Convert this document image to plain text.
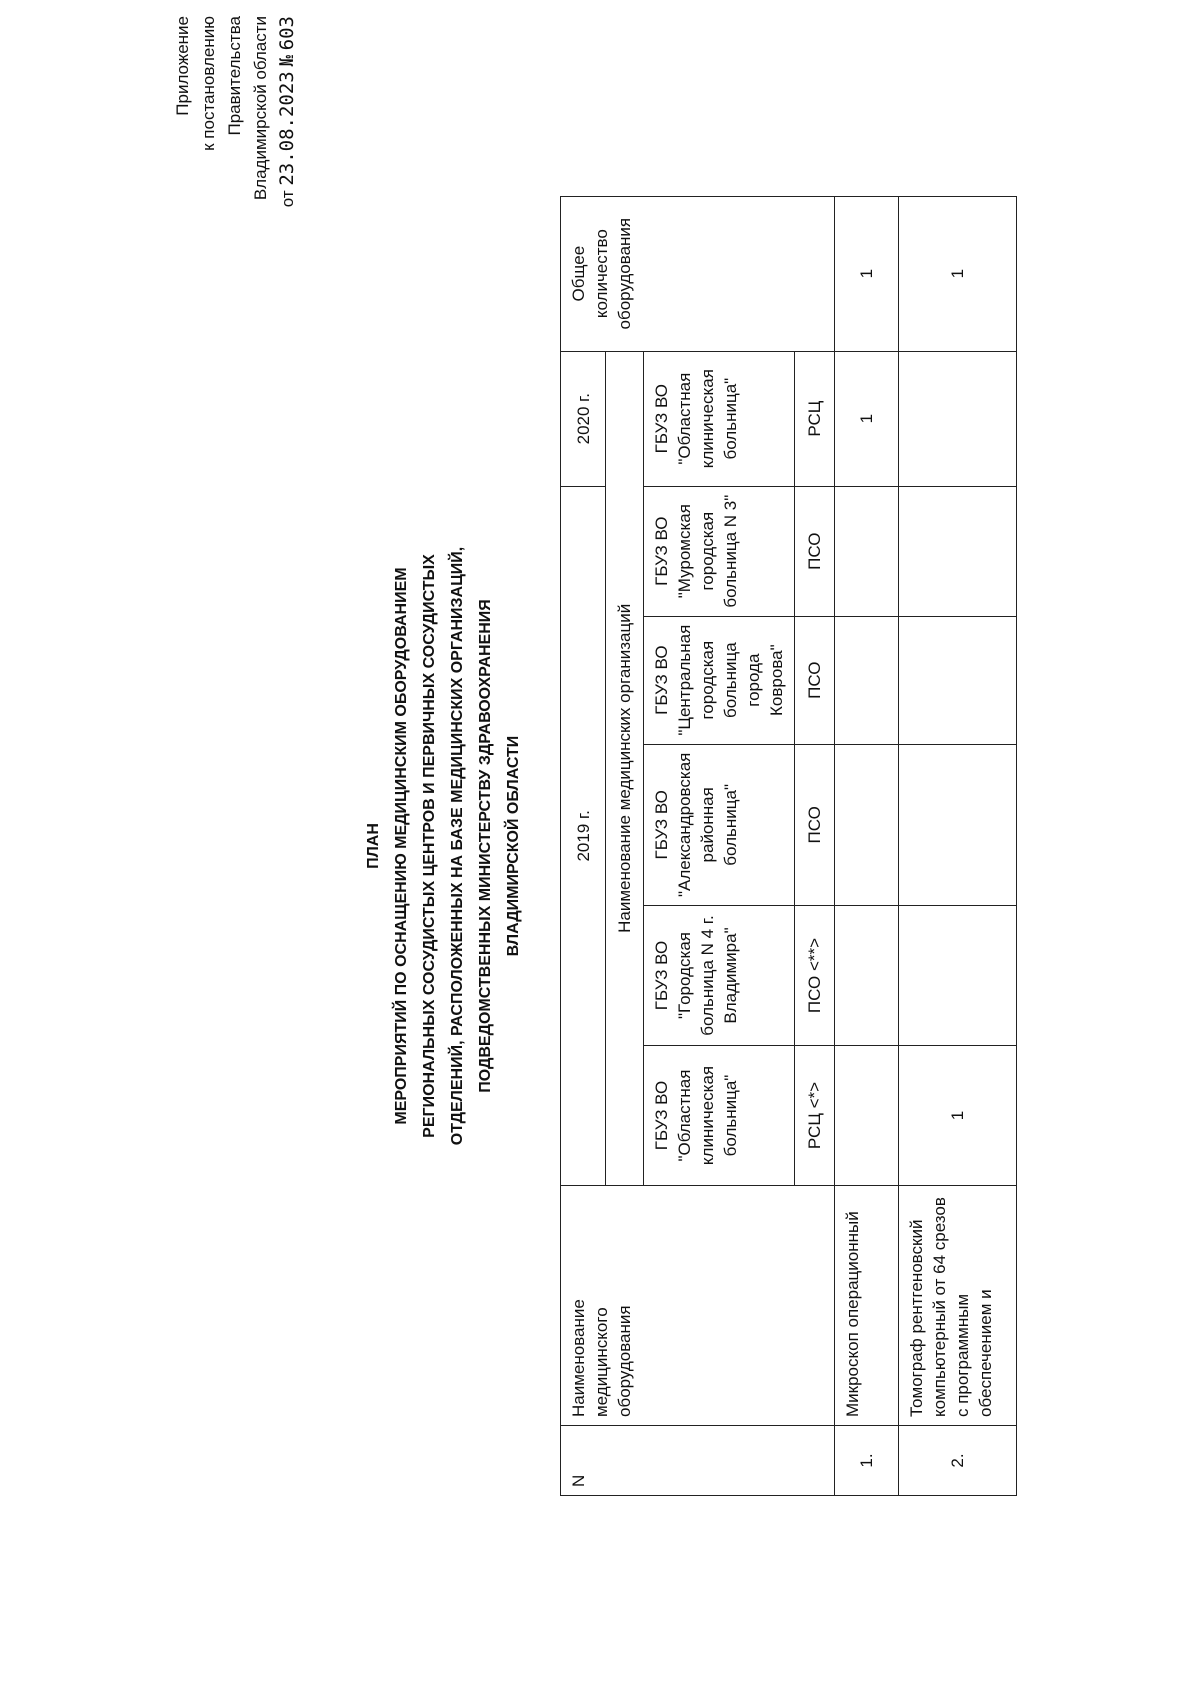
Приложение к постановлению Правительства Владимирской области от 23.08.2023 № 603
ПЛАН МЕРОПРИЯТИЙ ПО ОСНАЩЕНИЮ МЕДИЦИНСКИМ ОБОРУДОВАНИЕМ РЕГИОНАЛЬНЫХ СОСУДИСТЫХ ЦЕНТРОВ И ПЕРВИЧНЫХ СОСУДИСТЫХ ОТДЕЛЕНИЙ, РАСПОЛОЖЕННЫХ НА БАЗЕ МЕДИЦИНСКИХ ОРГАНИЗАЦИЙ, ПОДВЕДОМСТВЕННЫХ МИНИСТЕРСТВУ ЗДРАВООХРАНЕНИЯ ВЛАДИМИРСКОЙ ОБЛАСТИ
N	Наименование медицинского оборудования	2019 г.					2020 г.	Общее количество оборудования
		Наименование медицинских организаций						
		ГБУЗ ВО "Областная клиническая больница"	ГБУЗ ВО "Городская больница N 4 г. Владимира"	ГБУЗ ВО "Александровская районная больница"	ГБУЗ ВО "Центральная городская больница города Коврова"	ГБУЗ ВО "Муромская городская больница N 3"	ГБУЗ ВО "Областная клиническая больница"	
		РСЦ <*>	ПСО <**>	ПСО	ПСО	ПСО	РСЦ	
1.	Микроскоп операционный						1	1
2.	Томограф рентгеновский компьютерный от 64 срезов с программным обеспечением и	1						1
